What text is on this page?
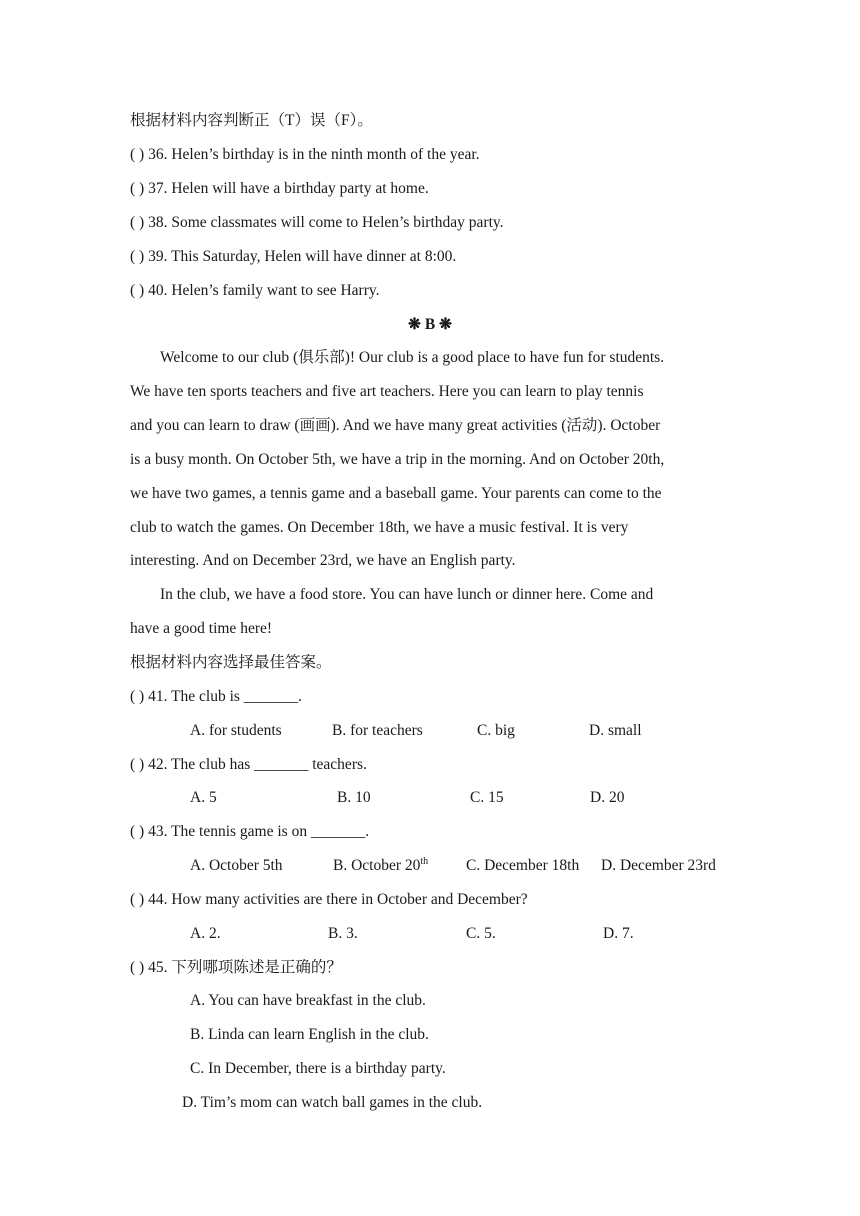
根据材料内容判断正（T）误（F）。
( ) 36. Helen’s birthday is in the ninth month of the year.
( ) 37. Helen will have a birthday party at home.
( ) 38. Some classmates will come to Helen’s birthday party.
( ) 39. This Saturday, Helen will have dinner at 8:00.
( ) 40. Helen’s family want to see Harry.
❋ B ❋
Welcome to our club (俱乐部)! Our club is a good place to have fun for students.
We have ten sports teachers and five art teachers. Here you can learn to play tennis
and you can learn to draw (画画). And we have many great activities (活动). October
is a busy month. On October 5th, we have a trip in the morning. And on October 20th,
we have two games, a tennis game and a baseball game. Your parents can come to the
club to watch the games. On December 18th, we have a music festival. It is very
interesting. And on December 23rd, we have an English party.
In the club, we have a food store. You can have lunch or dinner here. Come and
have a good time here!
根据材料内容选择最佳答案。
( ) 41. The club is _______.
A. for students	B. for teachers	C. big	D. small
( ) 42. The club has _______ teachers.
A. 5	B. 10	C. 15	D. 20
( ) 43. The tennis game is on _______.
A. October 5th	B. October 20th C. December 18th D. December 23rd
( ) 44. How many activities are there in October and December?
A. 2.	B. 3.	C. 5.	D. 7.
( ) 45. 下列哪项陈述是正确的？
A. You can have breakfast in the club.
B. Linda can learn English in the club.
C. In December, there is a birthday party.
D. Tim’s mom can watch ball games in the club.
